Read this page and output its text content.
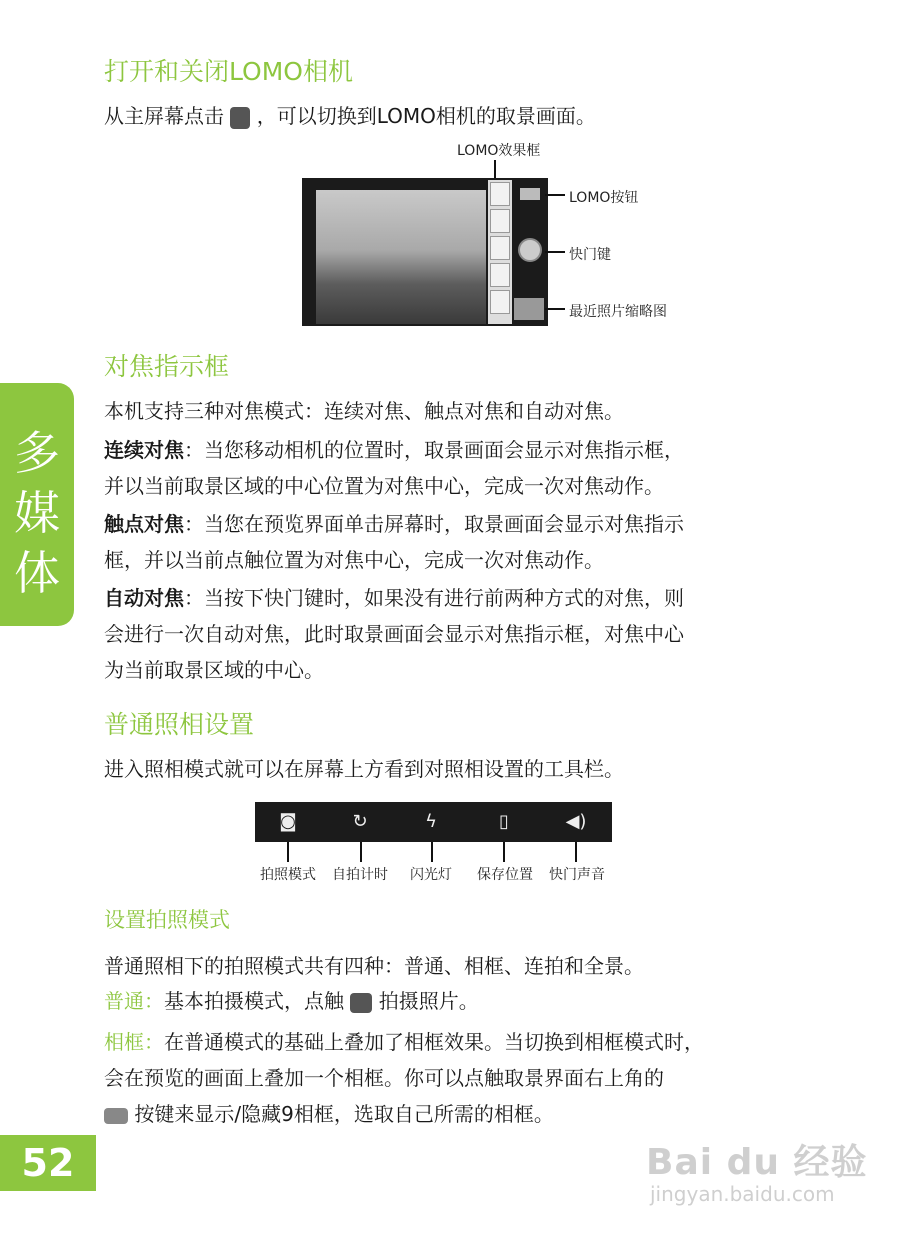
多媒体
52
打开和关闭LOMO相机

从主屏幕点击 ，可以切换到LOMO相机的取景画面。

LOMO效果框
LOMO按钮
快门键
最近照片缩略图
对焦指示框

本机支持三种对焦模式：连续对焦、触点对焦和自动对焦。

连续对焦：当您移动相机的位置时，取景画面会显示对焦指示框，
并以当前取景区域的中心位置为对焦中心，完成一次对焦动作。

触点对焦：当您在预览界面单击屏幕时，取景画面会显示对焦指示
框，并以当前点触位置为对焦中心，完成一次对焦动作。

自动对焦：当按下快门键时，如果没有进行前两种方式的对焦，则
会进行一次自动对焦，此时取景画面会显示对焦指示框，对焦中心
为当前取景区域的中心。

普通照相设置

进入照相模式就可以在屏幕上方看到对照相设置的工具栏。

◙	↻	ϟ	▯	◀)
拍照模式 自拍计时 闪光灯 保存位置 快门声音
设置拍照模式

普通照相下的拍照模式共有四种：普通、相框、连拍和全景。

普通：基本拍摄模式，点触 拍摄照片。

相框：在普通模式的基础上叠加了相框效果。当切换到相框模式时，
会在预览的画面上叠加一个相框。你可以点触取景界面右上角的
按键来显示/隐藏9相框，选取自己所需的相框。

Bai du 经验
jingyan.baidu.com
